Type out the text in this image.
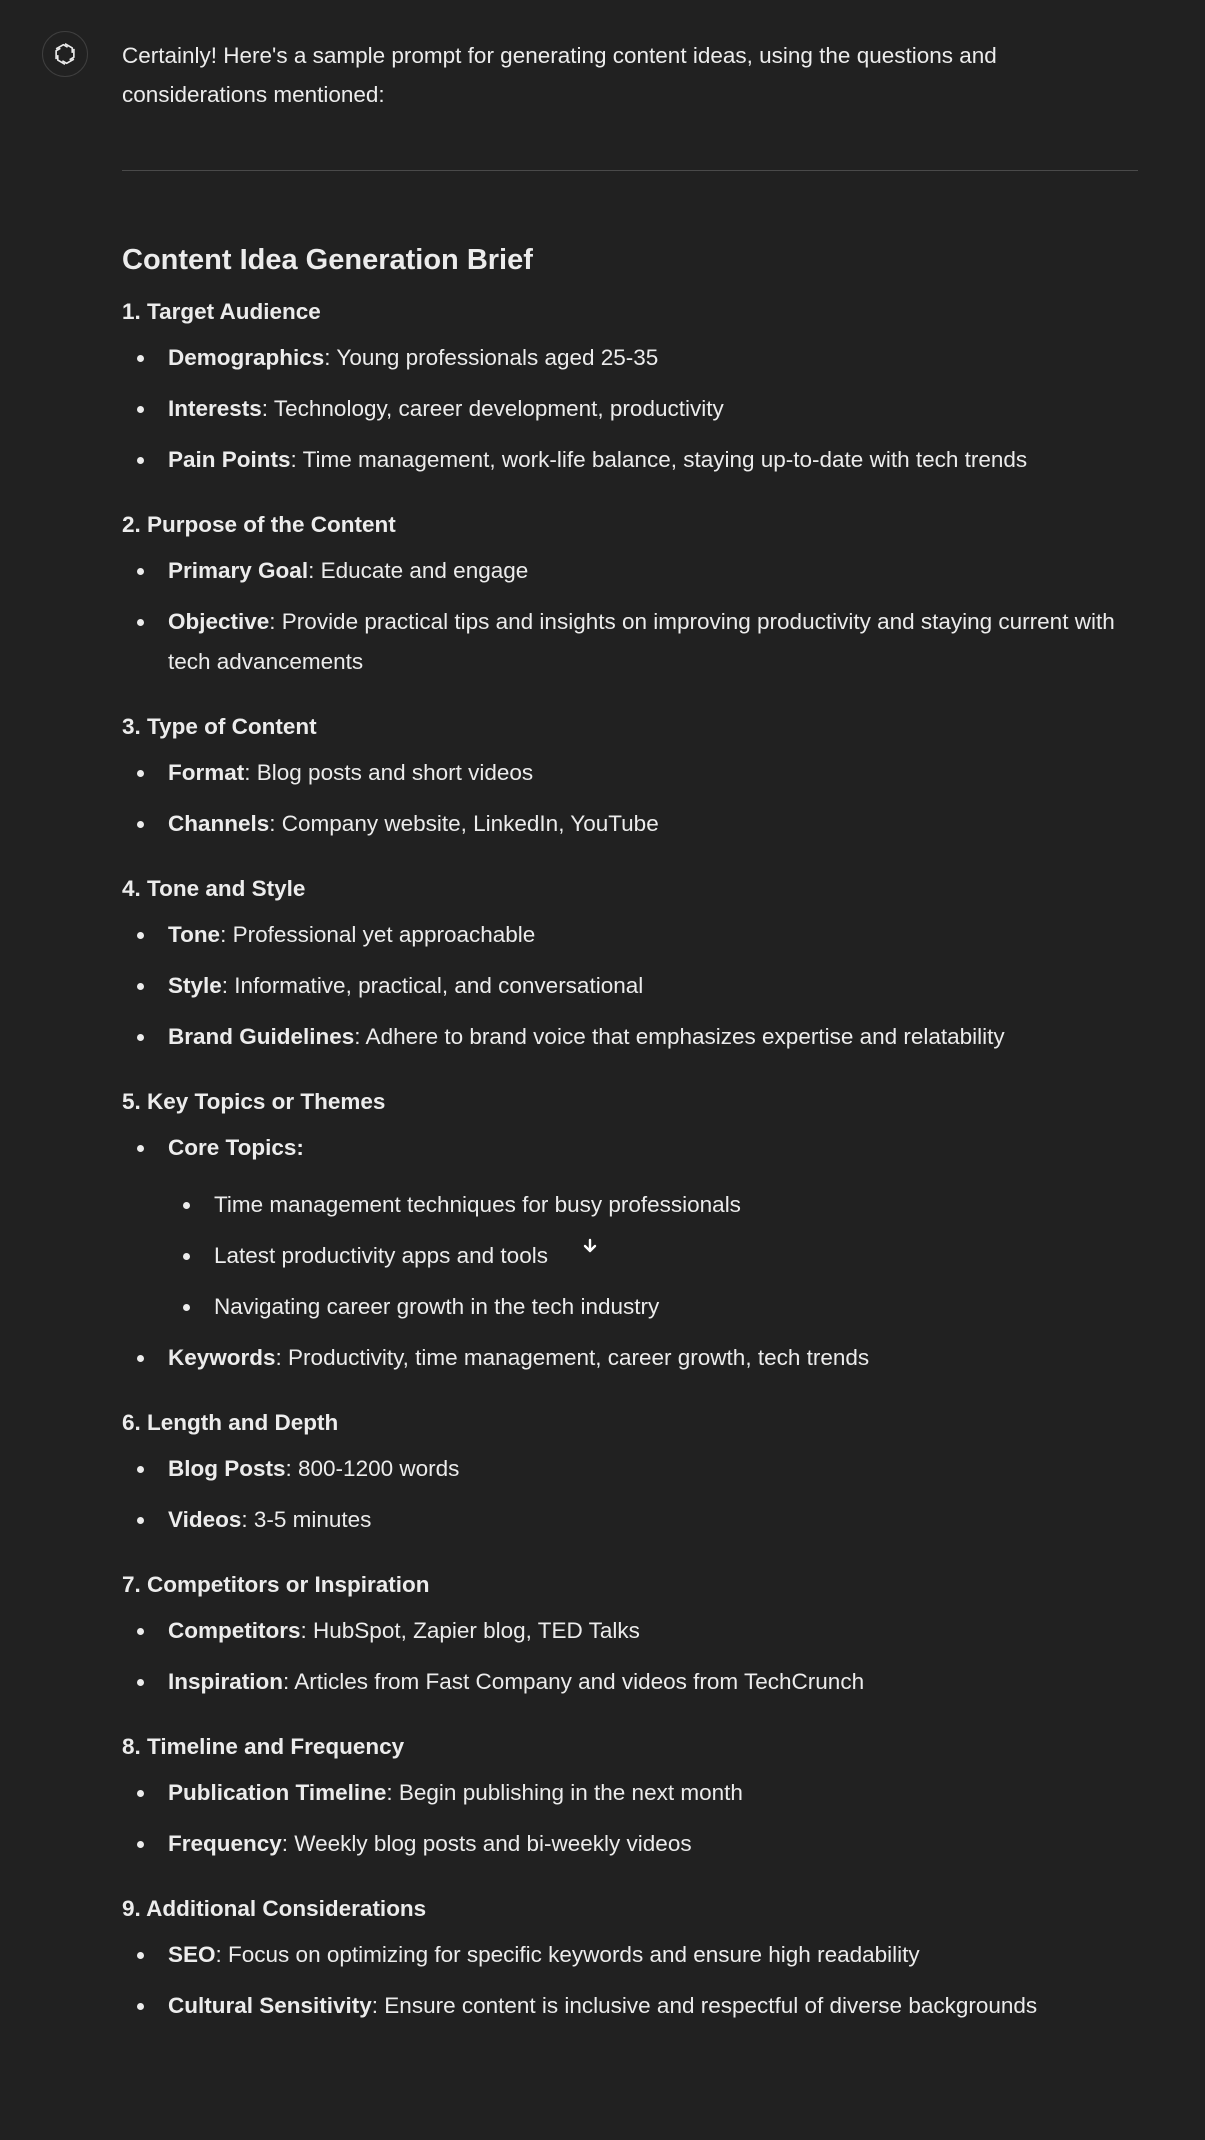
Certainly! Here's a sample prompt for generating content ideas, using the questions and considerations mentioned:

Content Idea Generation Brief
1. Target Audience
Demographics: Young professionals aged 25-35
Interests: Technology, career development, productivity
Pain Points: Time management, work-life balance, staying up-to-date with tech trends
2. Purpose of the Content
Primary Goal: Educate and engage
Objective: Provide practical tips and insights on improving productivity and staying current with tech advancements
3. Type of Content
Format: Blog posts and short videos
Channels: Company website, LinkedIn, YouTube
4. Tone and Style
Tone: Professional yet approachable
Style: Informative, practical, and conversational
Brand Guidelines: Adhere to brand voice that emphasizes expertise and relatability
5. Key Topics or Themes
Core Topics:
Time management techniques for busy professionals
Latest productivity apps and tools
Navigating career growth in the tech industry
Keywords: Productivity, time management, career growth, tech trends
6. Length and Depth
Blog Posts: 800-1200 words
Videos: 3-5 minutes
7. Competitors or Inspiration
Competitors: HubSpot, Zapier blog, TED Talks
Inspiration: Articles from Fast Company and videos from TechCrunch
8. Timeline and Frequency
Publication Timeline: Begin publishing in the next month
Frequency: Weekly blog posts and bi-weekly videos
9. Additional Considerations
SEO: Focus on optimizing for specific keywords and ensure high readability
Cultural Sensitivity: Ensure content is inclusive and respectful of diverse backgrounds
